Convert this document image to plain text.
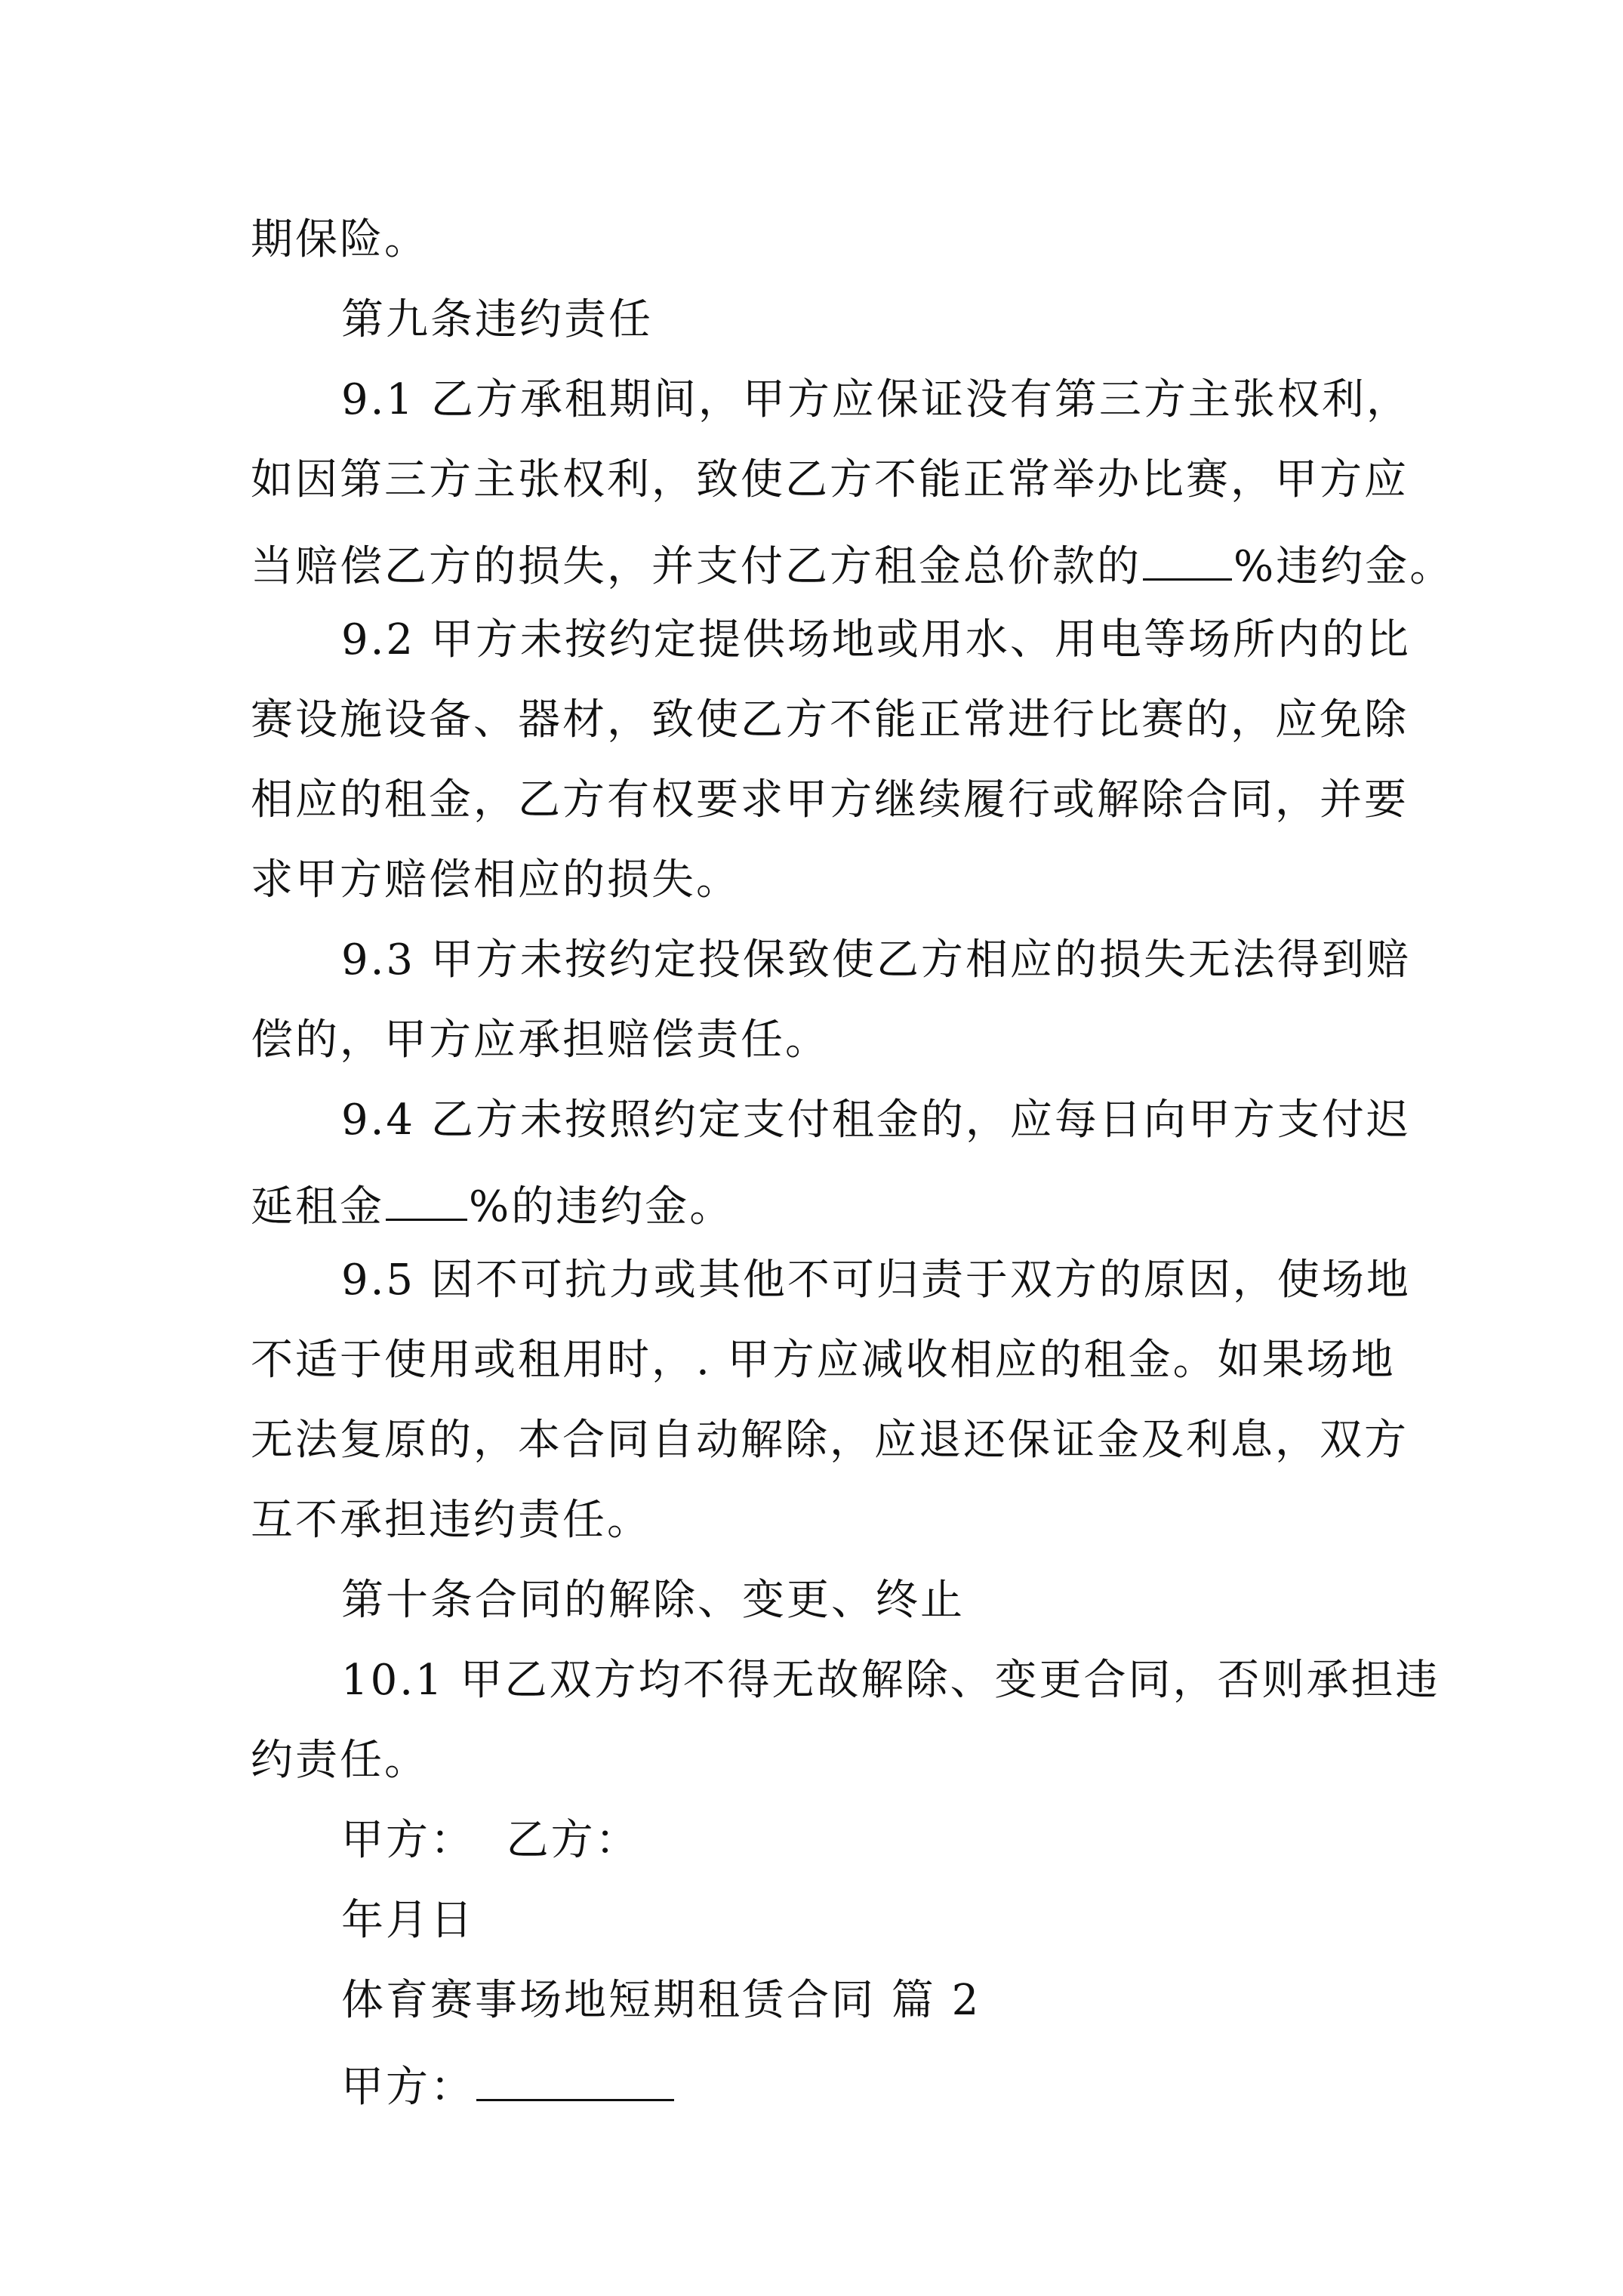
期保险。
第九条违约责任
9.1 乙方承租期间，甲方应保证没有第三方主张权利，
如因第三方主张权利，致使乙方不能正常举办比赛，甲方应
当赔偿乙方的损失，并支付乙方租金总价款的 %违约金。
9.2 甲方未按约定提供场地或用水、用电等场所内的比
赛设施设备、器材，致使乙方不能正常进行比赛的，应免除
相应的租金，乙方有权要求甲方继续履行或解除合同，并要
求甲方赔偿相应的损失。
9.3 甲方未按约定投保致使乙方相应的损失无法得到赔
偿的，甲方应承担赔偿责任。
9.4 乙方未按照约定支付租金的，应每日向甲方支付迟
延租金 %的违约金。
9.5 因不可抗力或其他不可归责于双方的原因，使场地
不适于使用或租用时，. 甲方应减收相应的租金。如果场地
无法复原的，本合同自动解除，应退还保证金及利息，双方
互不承担违约责任。
第十条合同的解除、变更、终止
10.1 甲乙双方均不得无故解除、变更合同，否则承担违
约责任。
甲方：  乙方：
年月日
体育赛事场地短期租赁合同 篇 2
甲方：
